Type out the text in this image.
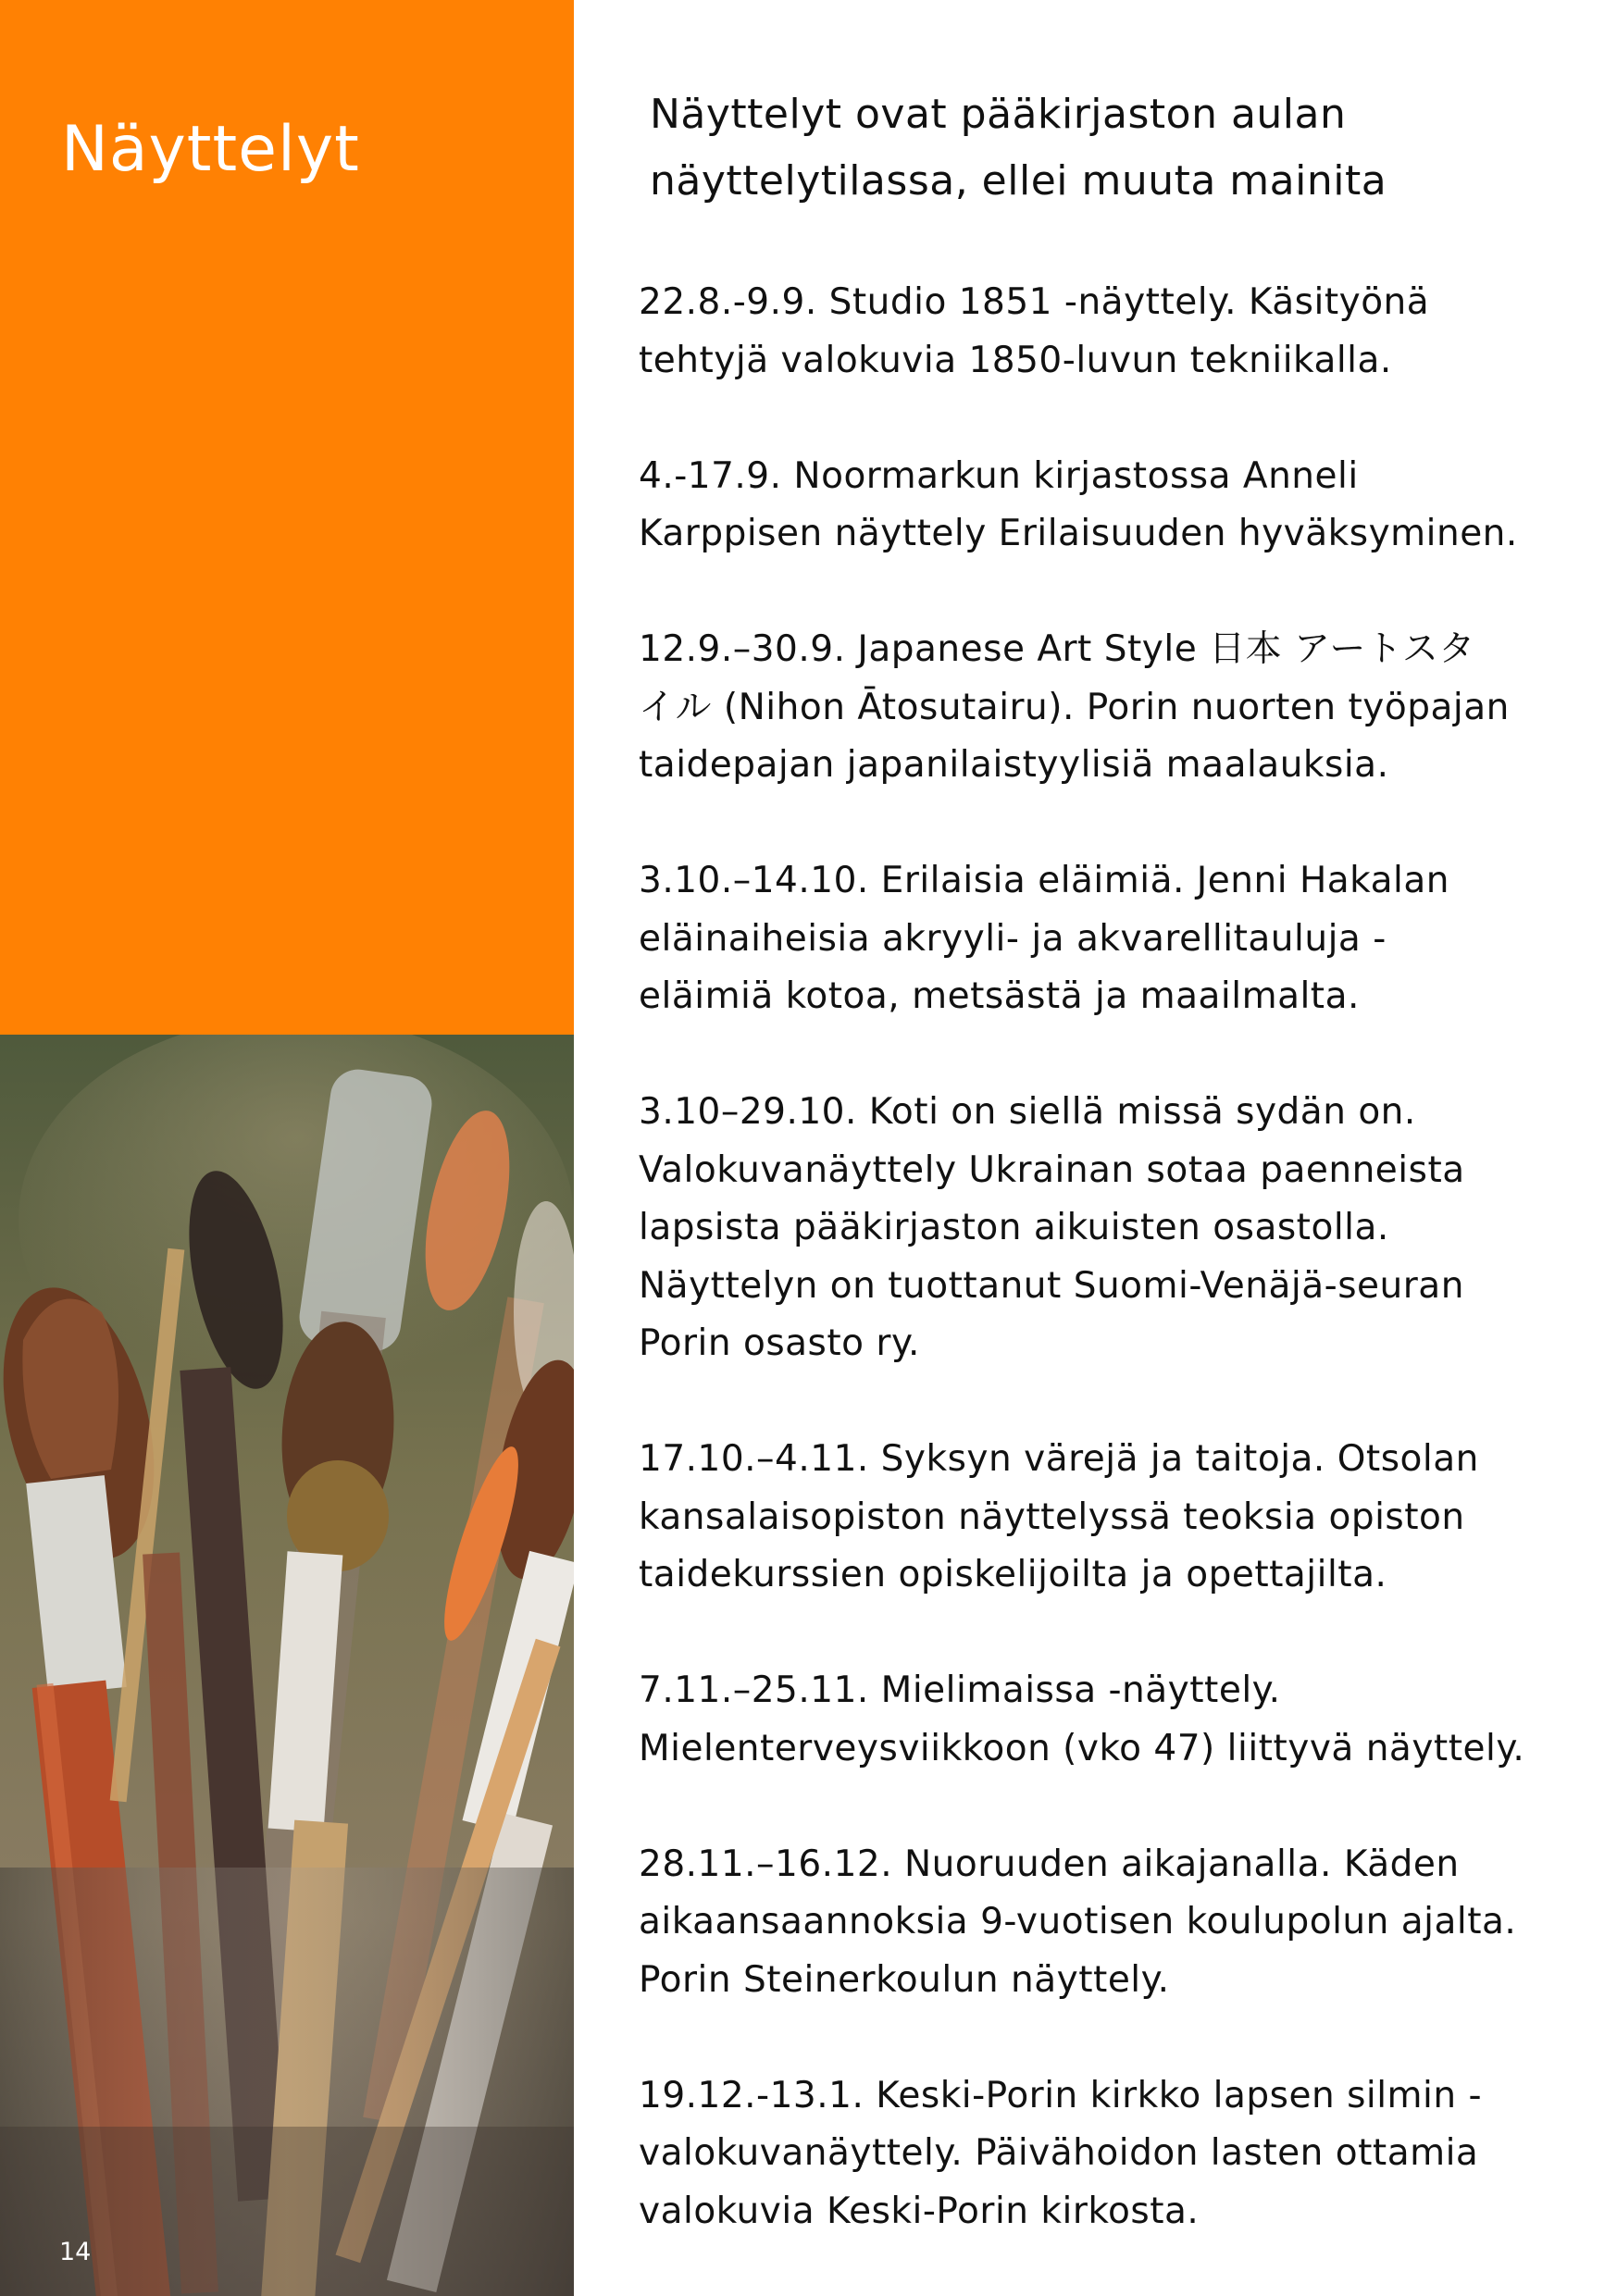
Näyttelyt

14

Näyttelyt ovat pääkirjaston aulan
näyttelytilassa, ellei muuta mainita
22.8.-9.9. Studio 1851 -näyttely. Käsityönä
tehtyjä valokuvia 1850-luvun tekniikalla.
4.-17.9. Noormarkun kirjastossa Anneli
Karppisen näyttely Erilaisuuden hyväksyminen.
12.9.–30.9. Japanese Art Style 日本 アートスタ
イル (Nihon Ātosutairu). Porin nuorten työpajan
taidepajan japanilaistyylisiä maalauksia.
3.10.–14.10. Erilaisia eläimiä. Jenni Hakalan
eläinaiheisia akryyli- ja akvarellitauluja -
eläimiä kotoa, metsästä ja maailmalta.
3.10–29.10. Koti on siellä missä sydän on.
Valokuvanäyttely Ukrainan sotaa paenneista
lapsista pääkirjaston aikuisten osastolla.
Näyttelyn on tuottanut Suomi-Venäjä-seuran
Porin osasto ry.
17.10.–4.11. Syksyn värejä ja taitoja. Otsolan
kansalaisopiston näyttelyssä teoksia opiston
taidekurssien opiskelijoilta ja opettajilta.
7.11.–25.11. Mielimaissa -näyttely.
Mielenterveysviikkoon (vko 47) liittyvä näyttely.
28.11.–16.12. Nuoruuden aikajanalla. Käden
aikaansaannoksia 9-vuotisen koulupolun ajalta.
Porin Steinerkoulun näyttely.
19.12.-13.1. Keski-Porin kirkko lapsen silmin -
valokuvanäyttely. Päivähoidon lasten ottamia
valokuvia Keski-Porin kirkosta.
